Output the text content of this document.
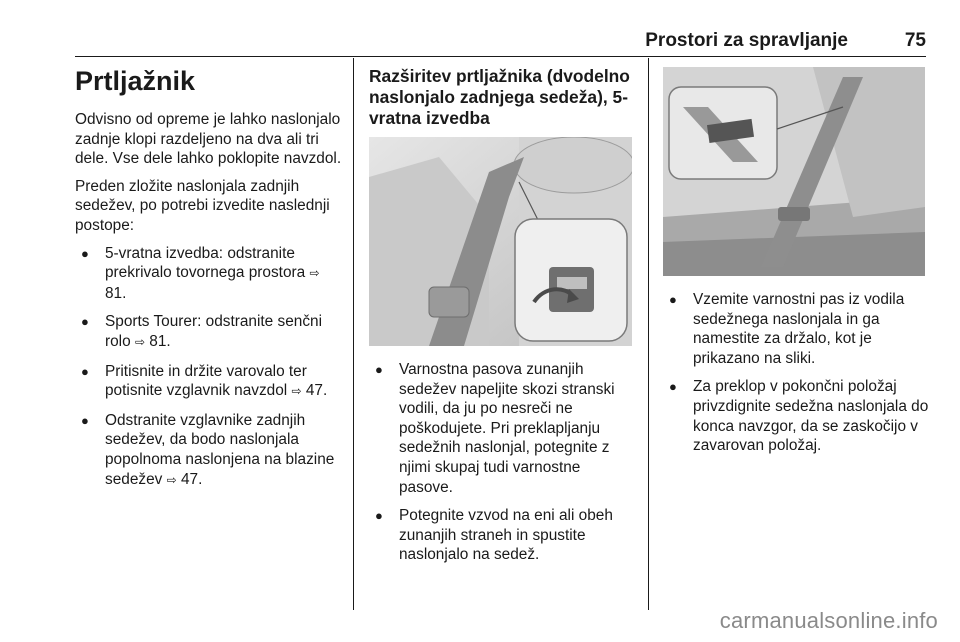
Prostori za spravljanje	75
Prtljažnik

Odvisno od opreme je lahko naslonjalo zadnje klopi razdeljeno na dva ali tri dele. Vse dele lahko poklopite navzdol.

Preden zložite naslonjala zadnjih sedežev, po potrebi izvedite naslednji postope:

● 5-vratna izvedba: odstranite prekrivalo tovornega prostora ⇨ 81.
● Sports Tourer: odstranite senčni rolo ⇨ 81.
● Pritisnite in držite varovalo ter potisnite vzglavnik navzdol ⇨ 47.
● Odstranite vzglavnike zadnjih sedežev, da bodo naslonjala popolnoma naslonjena na blazine sedežev ⇨ 47.
Razširitev prtljažnika (dvodelno naslonjalo zadnjega sedeža), 5-vratna izvedba
● Varnostna pasova zunanjih sedežev napeljite skozi stranski vodili, da ju po nesreči ne poškodujete. Pri preklapljanju sedežnih naslonjal, potegnite z njimi skupaj tudi varnostne pasove.
● Potegnite vzvod na eni ali obeh zunanjih straneh in spustite naslonjalo na sedež.
● Vzemite varnostni pas iz vodila sedežnega naslonjala in ga namestite za držalo, kot je prikazano na sliki.
● Za preklop v pokončni položaj privzdignite sedežna naslonjala do konca navzgor, da se zaskočijo v zavarovan položaj.
carmanualsonline.info
